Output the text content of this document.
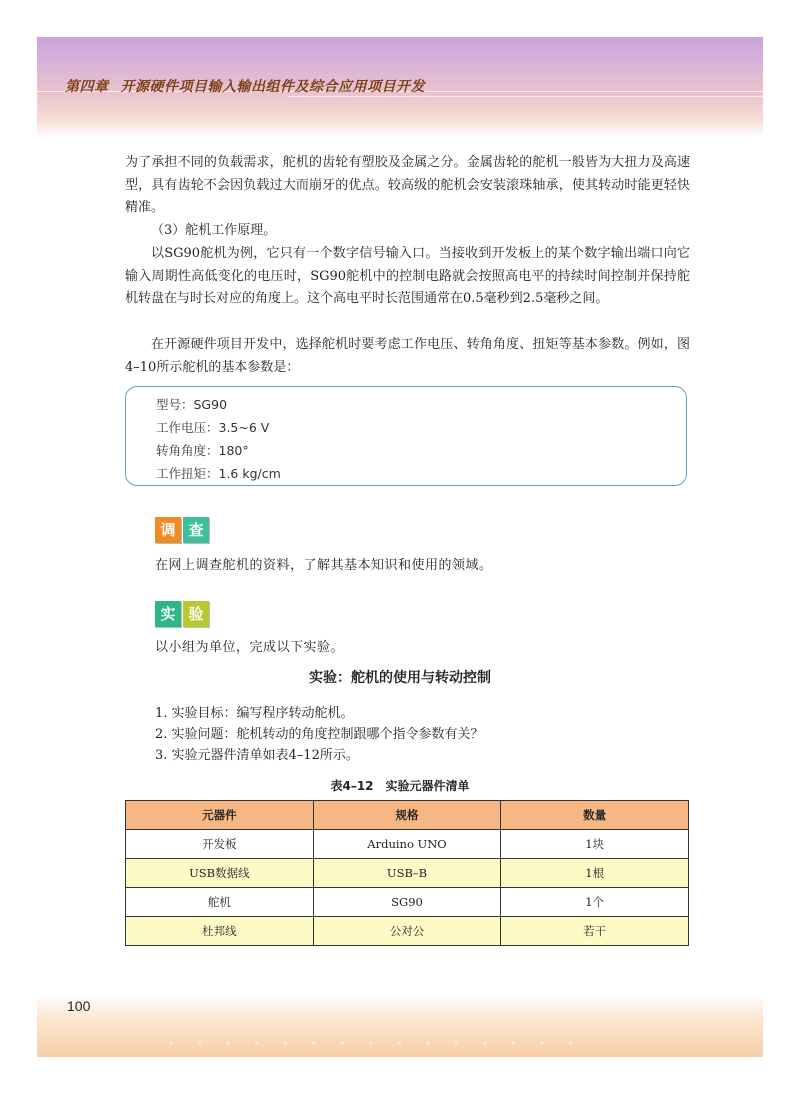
第四章 开源硬件项目输入输出组件及综合应用项目开发

为了承担不同的负载需求，舵机的齿轮有塑胶及金属之分。金属齿轮的舵机一般皆为大扭力及高速型，具有齿轮不会因负载过大而崩牙的优点。较高级的舵机会安装滚珠轴承，使其转动时能更轻快精准。

（3）舵机工作原理。

以SG90舵机为例，它只有一个数字信号输入口。当接收到开发板上的某个数字输出端口向它输入周期性高低变化的电压时，SG90舵机中的控制电路就会按照高电平的持续时间控制并保持舵机转盘在与时长对应的角度上。这个高电平时长范围通常在0.5毫秒到2.5毫秒之间。

在开源硬件项目开发中，选择舵机时要考虑工作电压、转角角度、扭矩等基本参数。例如，图4–10所示舵机的基本参数是：

型号：SG90

工作电压：3.5~6 V

转角角度：180°

工作扭矩：1.6 kg/cm

调 查

在网上调查舵机的资料，了解其基本知识和使用的领域。

实 验

以小组为单位，完成以下实验。

实验：舵机的使用与转动控制

1. 实验目标：编写程序转动舵机。

2. 实验问题：舵机转动的角度控制跟哪个指令参数有关？

3. 实验元器件清单如表4–12所示。

表4–12　实验元器件清单

元器件	规格	数量
开发板	Arduino UNO	1块
USB数据线	USB–B	1根
舵机	SG90	1个
杜邦线	公对公	若干
· · · · · · · · · · · · · · ·

100
